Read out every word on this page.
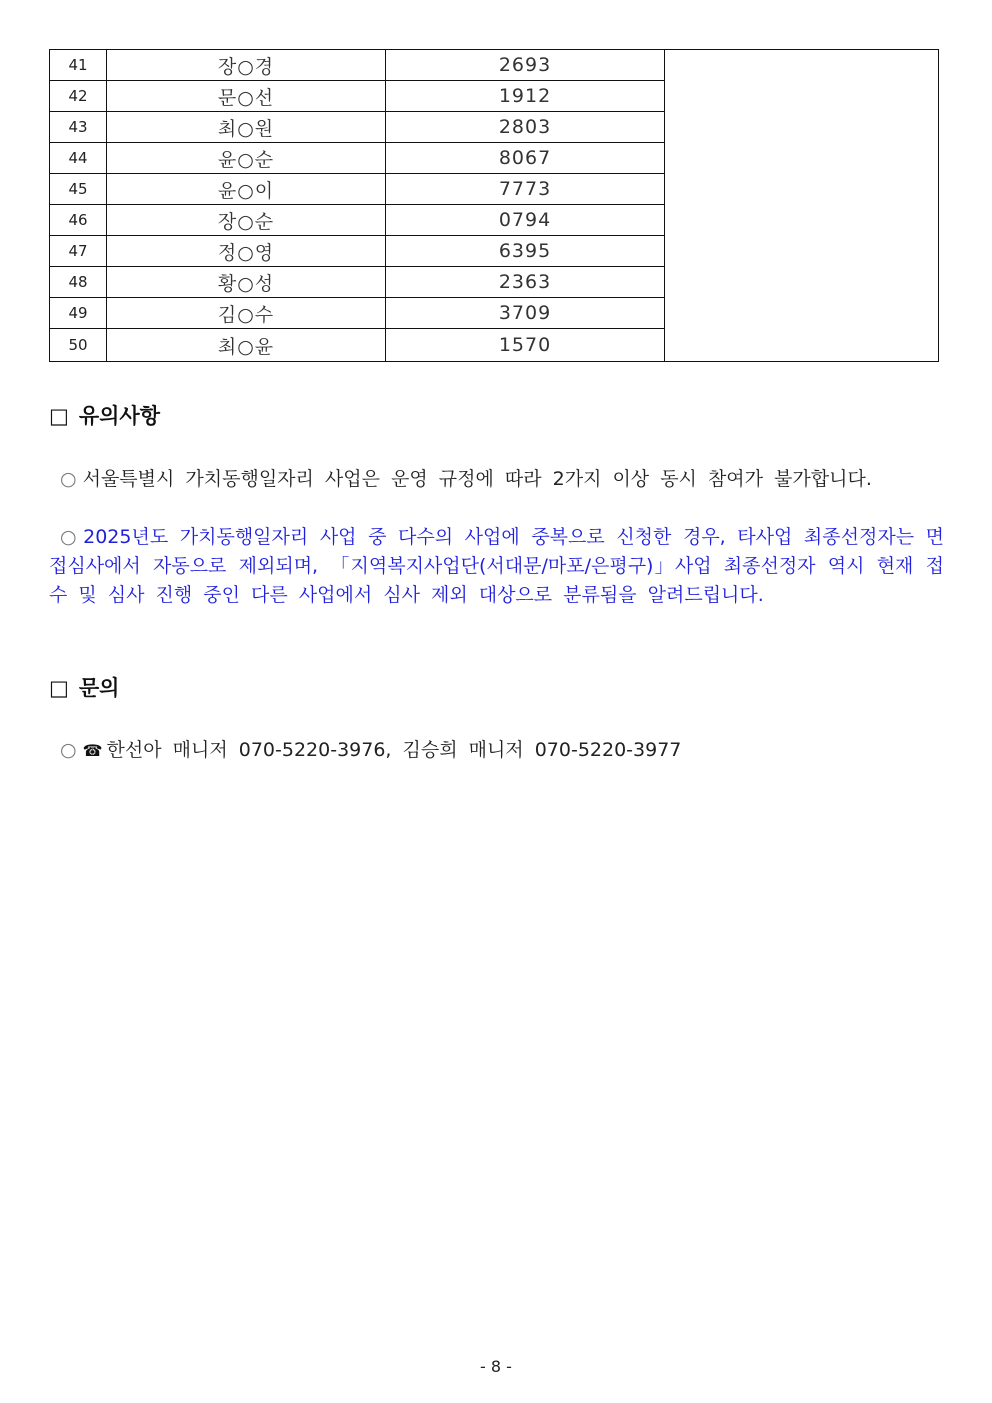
41	장○경	2693	
42	문○선	1912	
43	최○원	2803	
44	윤○순	8067	
45	윤○이	7773	
46	장○순	0794	
47	정○영	6395	
48	황○성	2363	
49	김○수	3709	
50	최○윤	1570	
□ 유의사항
○ 서울특별시 가치동행일자리 사업은 운영 규정에 따라 2가지 이상 동시 참여가 불가합니다.
○ 2025년도 가치동행일자리 사업 중 다수의 사업에 중복으로 신청한 경우, 타사업 최종선정자는 면접심사에서 자동으로 제외되며, 「지역복지사업단(서대문/마포/은평구)」사업 최종선정자 역시 현재 접수 및 심사 진행 중인 다른 사업에서 심사 제외 대상으로 분류됨을 알려드립니다.
□ 문의
○ ☎ 한선아 매니저 070-5220-3976, 김승희 매니저 070-5220-3977
- 8 -
